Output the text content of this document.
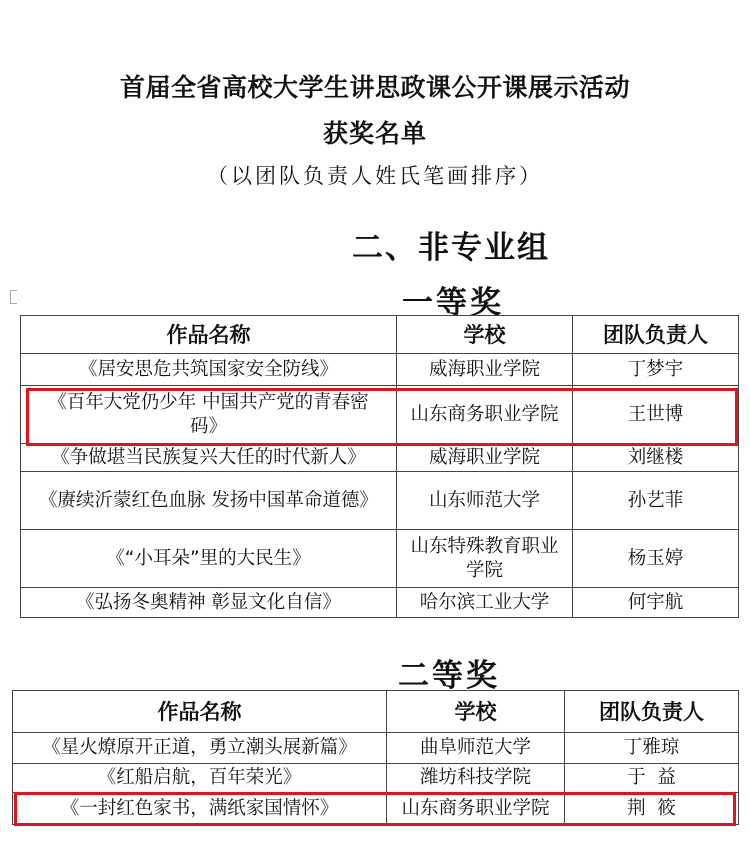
首届全省高校大学生讲思政课公开课展示活动
获奖名单
（以团队负责人姓氏笔画排序）
二、非专业组
一等奖
作品名称	学校	团队负责人
《居安思危共筑国家安全防线》	威海职业学院	丁梦宇
《百年大党仍少年 中国共产党的青春密码》	山东商务职业学院	王世博
《争做堪当民族复兴大任的时代新人》	威海职业学院	刘继楼
《赓续沂蒙红色血脉 发扬中国革命道德》	山东师范大学	孙艺菲
《“小耳朵”里的大民生》	山东特殊教育职业学院	杨玉婷
《弘扬冬奥精神 彰显文化自信》	哈尔滨工业大学	何宇航
二等奖
作品名称	学校	团队负责人
《星火燎原开正道，勇立潮头展新篇》	曲阜师范大学	丁雅琼
《红船启航，百年荣光》	潍坊科技学院	于  益
《一封红色家书，满纸家国情怀》	山东商务职业学院	荆  筱
